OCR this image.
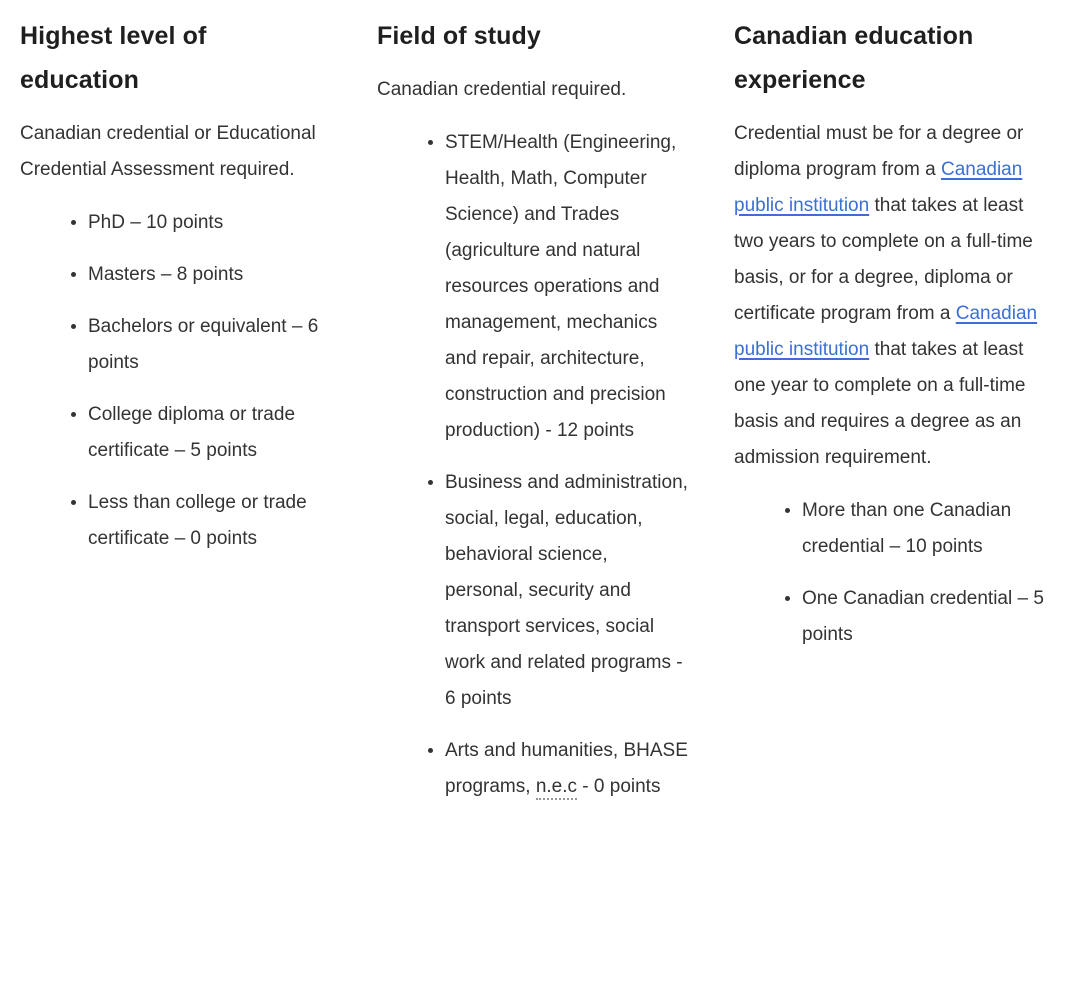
Highest level of education

Canadian credential or Educational Credential Assessment required.

• PhD – 10 points
• Masters – 8 points
• Bachelors or equivalent – 6 points
• College diploma or trade certificate – 5 points
• Less than college or trade certificate – 0 points
Field of study

Canadian credential required.

• STEM/Health (Engineering, Health, Math, Computer Science) and Trades (agriculture and natural resources operations and management, mechanics and repair, architecture, construction and precision production) - 12 points
• Business and administration, social, legal, education, behavioral science, personal, security and transport services, social work and related programs - 6 points
• Arts and humanities, BHASE programs, n.e.c - 0 points
Canadian education experience

Credential must be for a degree or diploma program from a Canadian public institution that takes at least two years to complete on a full-time basis, or for a degree, diploma or certificate program from a Canadian public institution that takes at least one year to complete on a full-time basis and requires a degree as an admission requirement.

• More than one Canadian credential – 10 points
• One Canadian credential – 5 points
